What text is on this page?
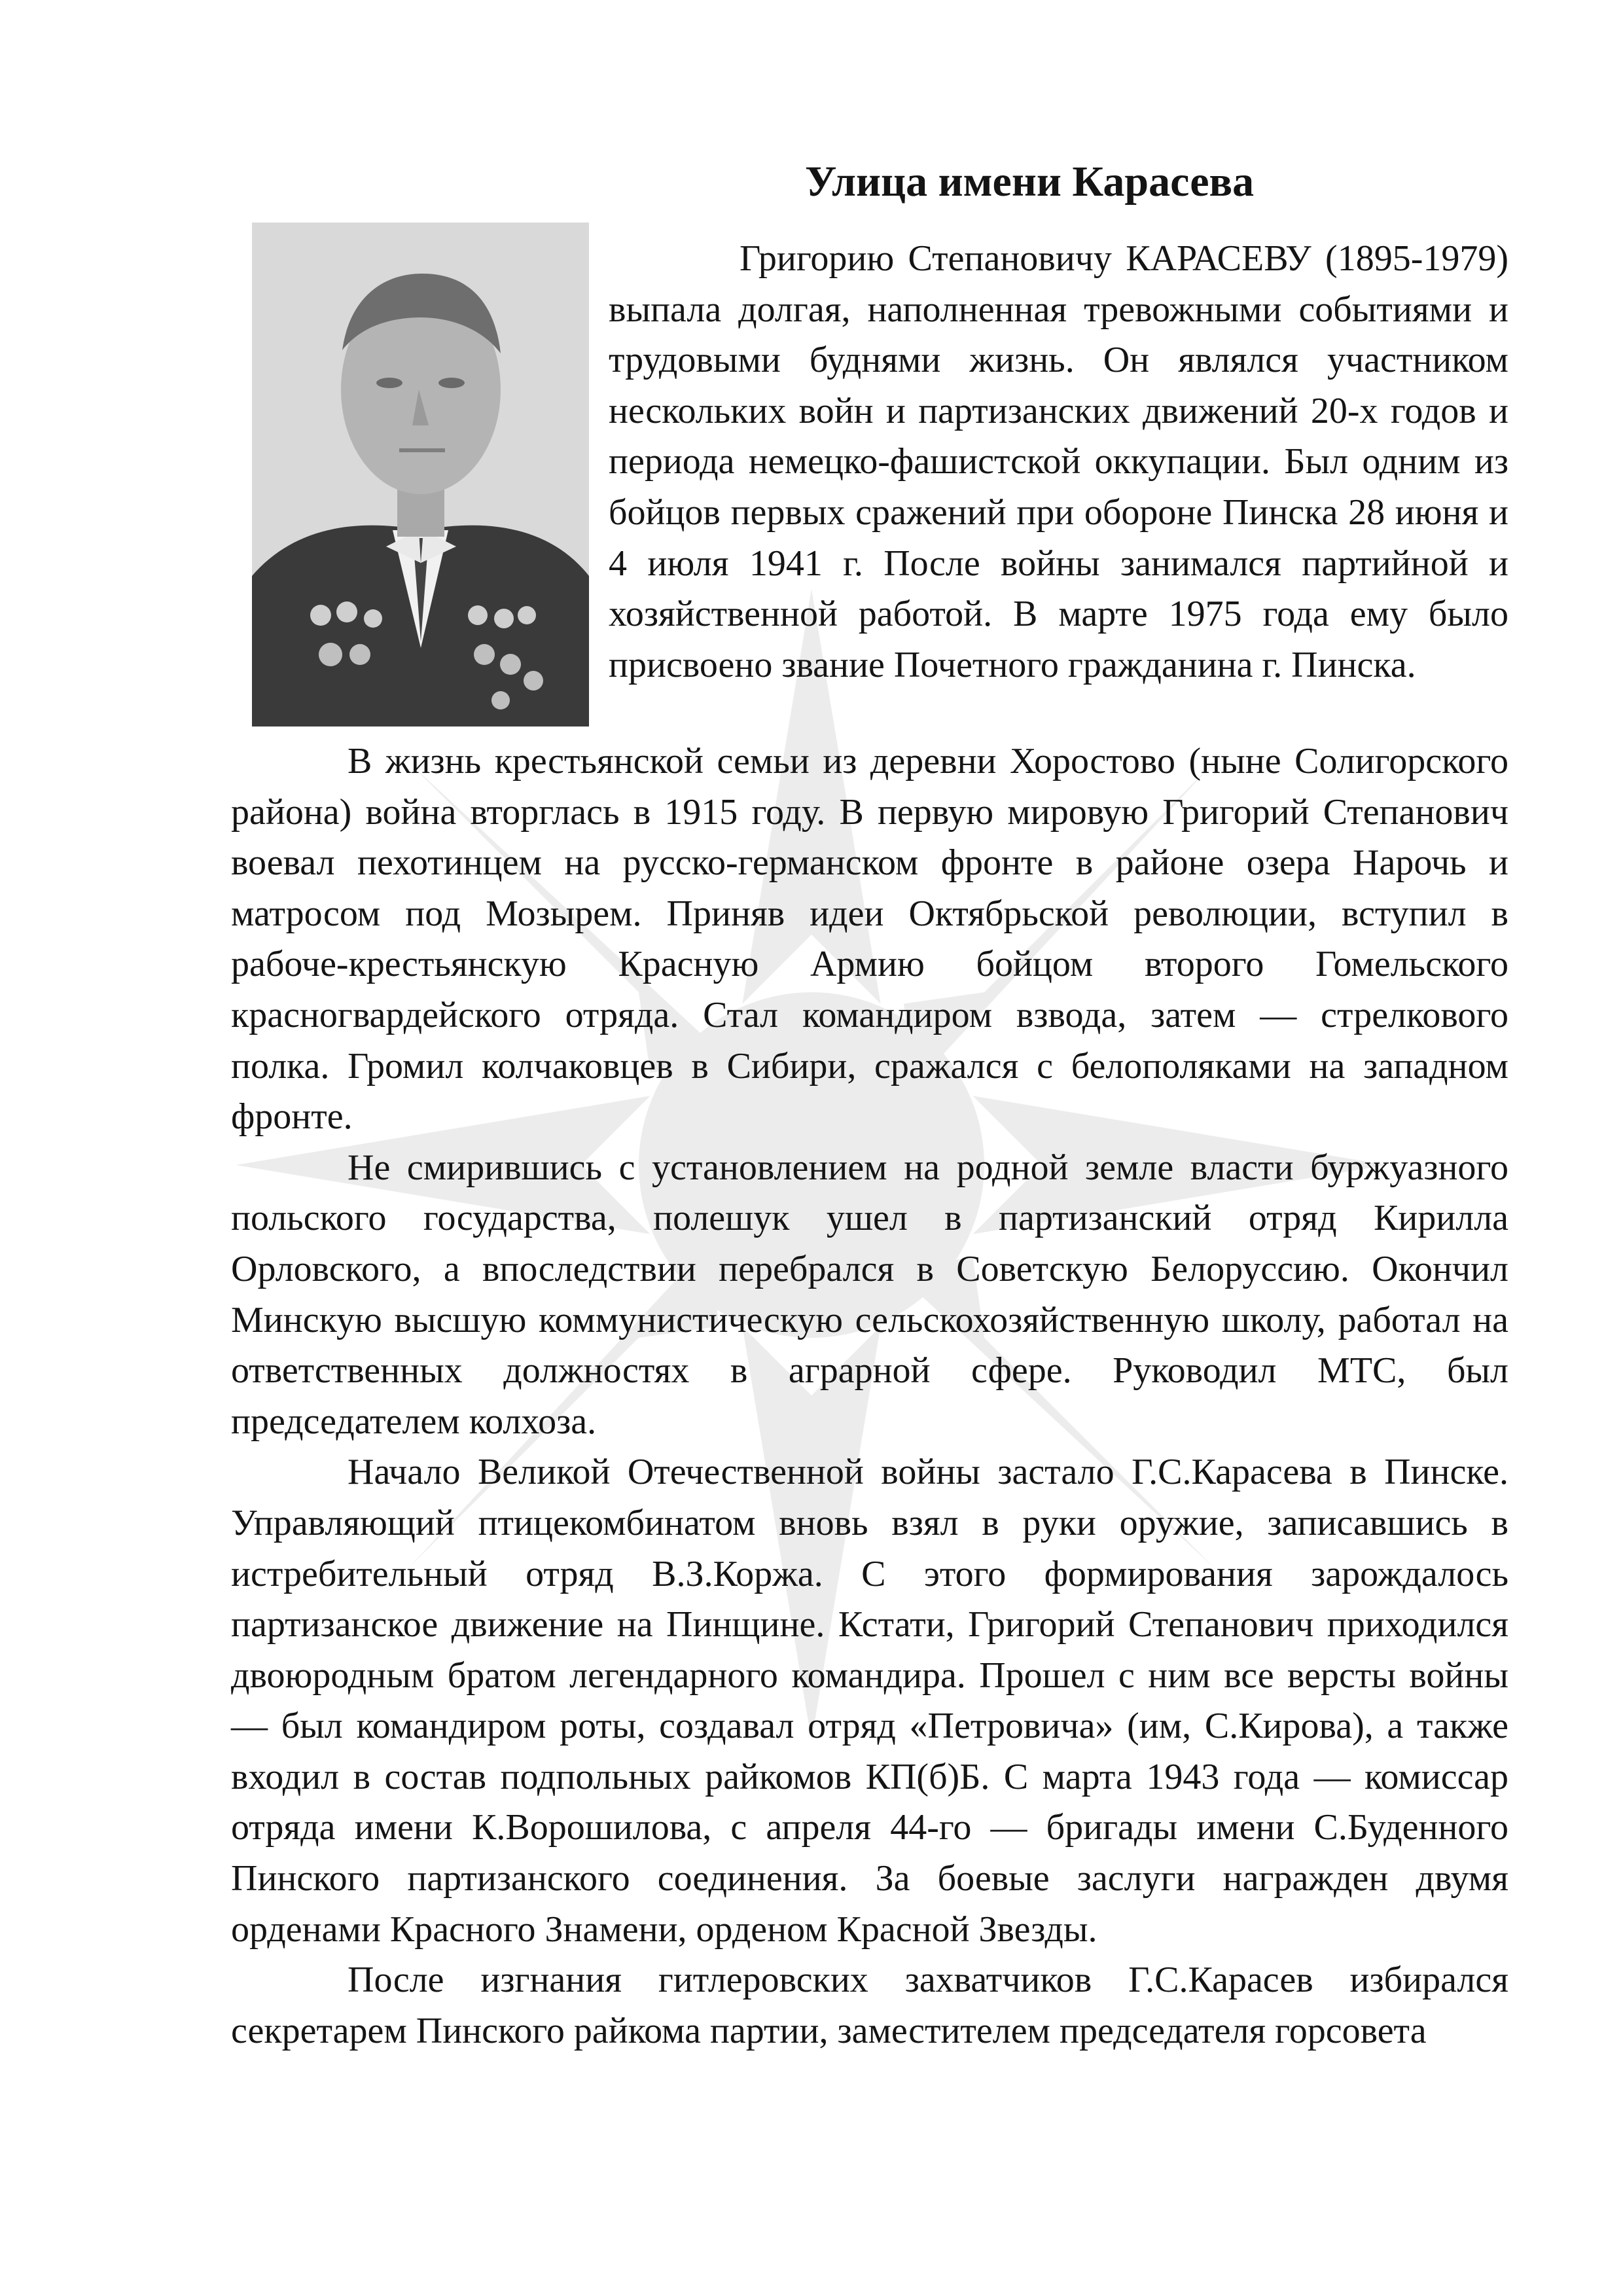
Улица имени Карасева

Григорию Степановичу КАРАСЕВУ (1895-1979) выпала долгая, наполненная тревожными событиями и трудовыми буднями жизнь. Он являлся участником нескольких войн и партизанских движений 20-х годов и периода немецко-фашистской оккупации. Был одним из бойцов первых сражений при обороне Пинска 28 июня и 4 июля 1941 г. После войны занимался партийной и хозяйственной работой. В марте 1975 года ему было присвоено звание Почетного гражданина г. Пинска.

В жизнь крестьянской семьи из деревни Хоростово (ныне Солигорского района) война вторглась в 1915 году. В первую мировую Григорий Степанович воевал пехотинцем на русско-германском фронте в районе озера Нарочь и матросом под Мозырем. Приняв идеи Октябрьской революции, вступил в рабоче-крестьянскую Красную Армию бойцом второго Гомельского красногвардейского отряда. Стал командиром взвода, затем — стрелкового полка. Громил колчаковцев в Сибири, сражался с белополяками на западном фронте.

Не смирившись с установлением на родной земле власти буржуазного польского государства, полешук ушел в партизанский отряд Кирилла Орловского, а впоследствии перебрался в Советскую Белоруссию. Окончил Минскую высшую коммунистическую сельскохозяйственную школу, работал на ответственных должностях в аграрной сфере. Руководил МТС, был председателем колхоза.

Начало Великой Отечественной войны застало Г.С.Карасева в Пинске. Управляющий птицекомбинатом вновь взял в руки оружие, записавшись в истребительный отряд В.З.Коржа. С этого формирования зарождалось партизанское движение на Пинщине. Кстати, Григорий Степанович приходился двоюродным братом легендарного командира. Прошел с ним все версты войны — был командиром роты, создавал отряд «Петровича» (им, С.Кирова), а также входил в состав подпольных райкомов КП(б)Б. С марта 1943 года — комиссар отряда имени К.Ворошилова, с апреля 44-го — бригады имени С.Буденного Пинского партизанского соединения. За боевые заслуги награжден двумя орденами Красного Знамени, орденом Красной Звезды.

После изгнания гитлеровских захватчиков Г.С.Карасев избирался секретарем Пинского райкома партии, заместителем председателя горсовета
